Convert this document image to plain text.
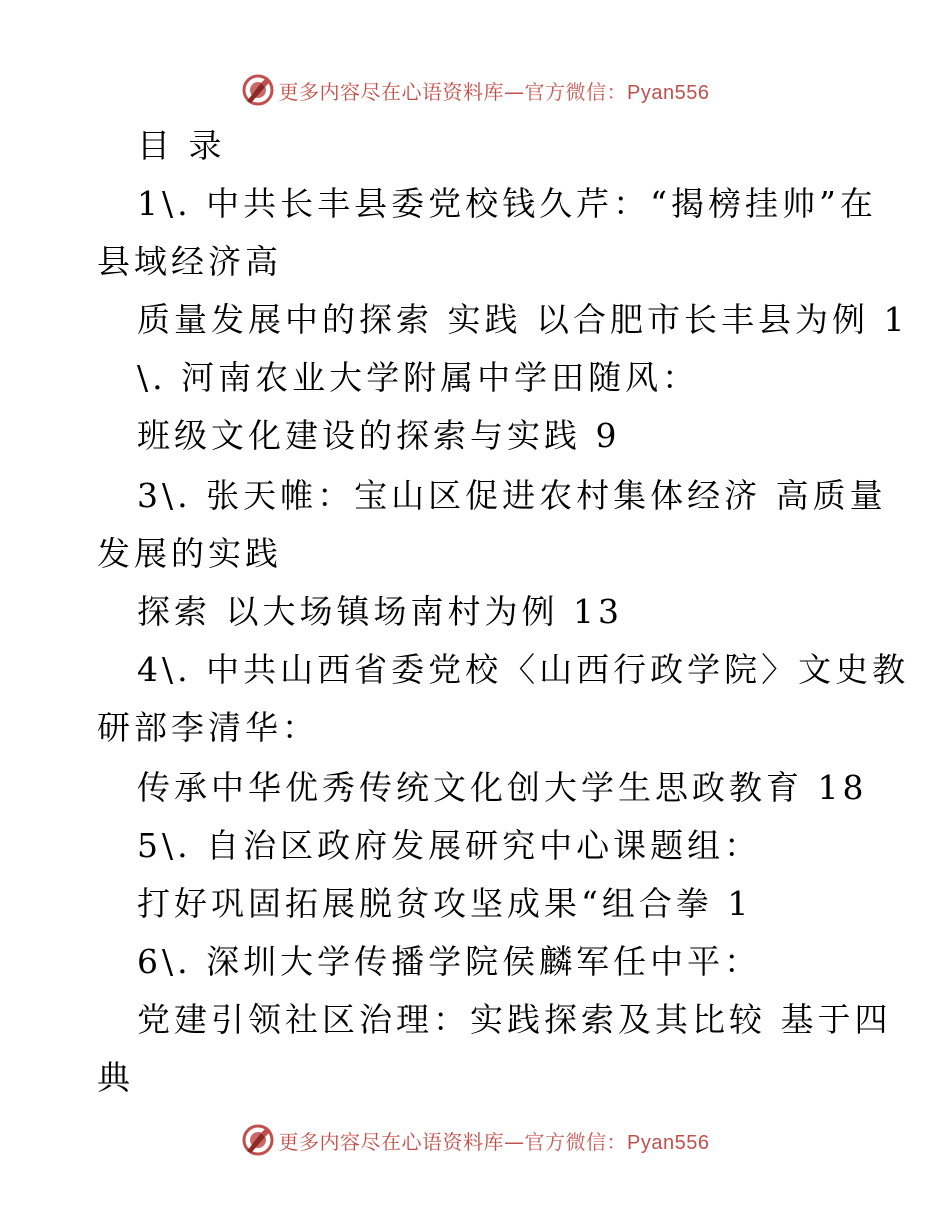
更多内容尽在心语资料库—官方微信：Pyan556
目 录
1\. 中共长丰县委党校钱久芹：“揭榜挂帅”在
县域经济高
质量发展中的探索 实践 以合肥市长丰县为例 1
\. 河南农业大学附属中学田随风：
班级文化建设的探索与实践 9
3\. 张天帷：宝山区促进农村集体经济 高质量
发展的实践
探索 以大场镇场南村为例 13
4\. 中共山西省委党校〈山西行政学院〉文史教
研部李清华：
传承中华优秀传统文化创大学生思政教育 18
5\. 自治区政府发展研究中心课题组：
打好巩固拓展脱贫攻坚成果“组合拳 1
6\. 深圳大学传播学院侯麟军任中平：
党建引领社区治理：实践探索及其比较 基于四
典
更多内容尽在心语资料库—官方微信：Pyan556
